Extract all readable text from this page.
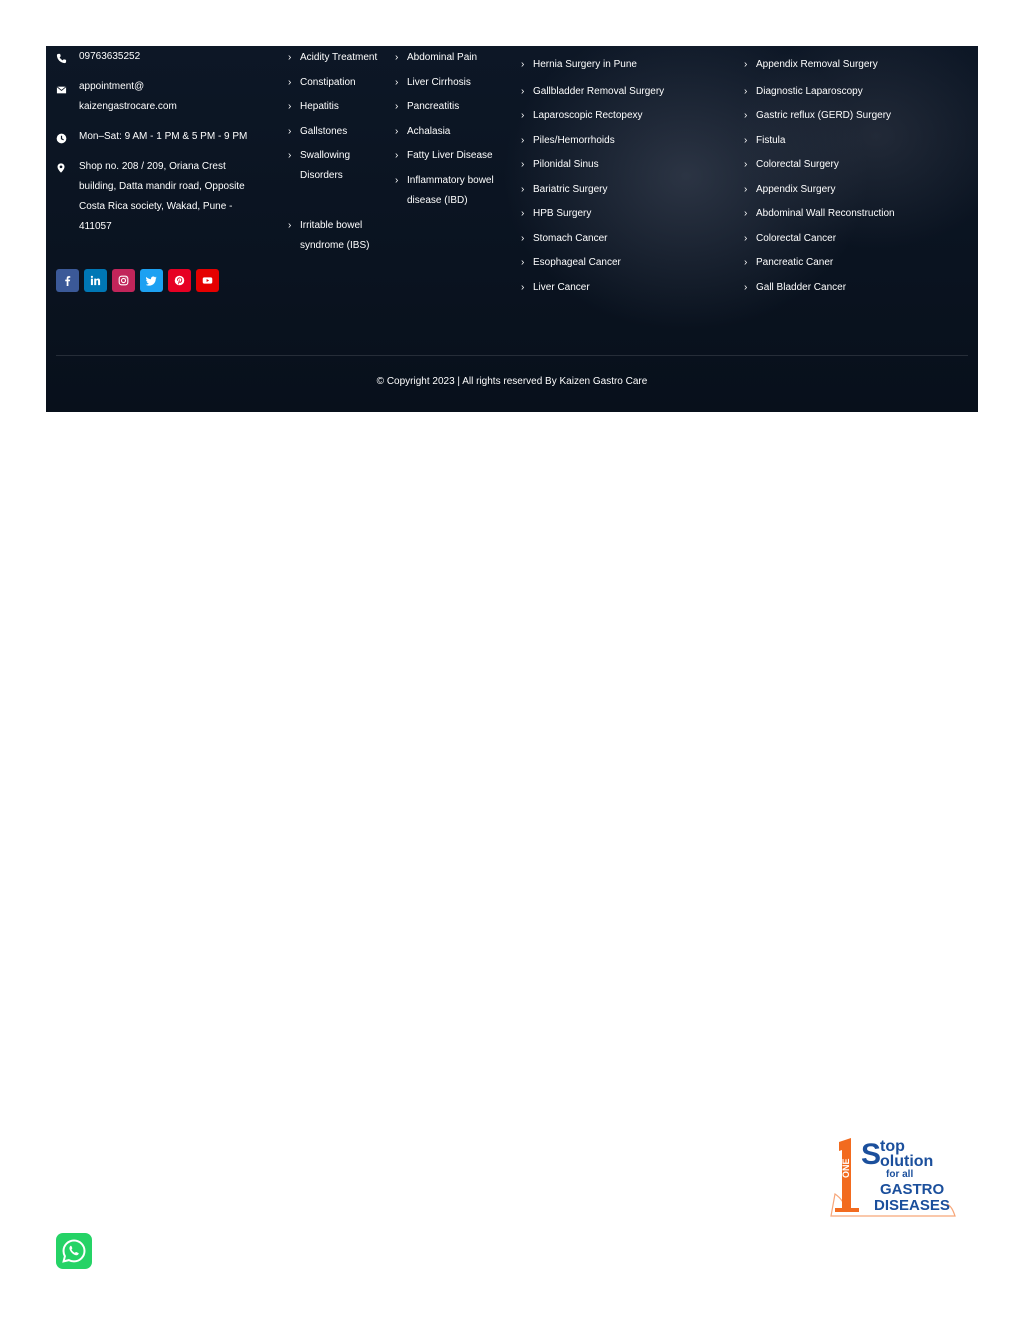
09763635252
appointment@
kaizengastrocare.com
Mon–Sat: 9 AM - 1 PM & 5 PM - 9 PM
Shop no. 208 / 209, Oriana Crest
building, Datta mandir road, Opposite
Costa Rica society, Wakad, Pune -
411057
› Acidity Treatment
› Constipation
› Hepatitis
› Gallstones
› Swallowing
Disorders
› Irritable bowel
syndrome (IBS)
› Abdominal Pain
› Liver Cirrhosis
› Pancreatitis
› Achalasia
› Fatty Liver Disease
› Inflammatory bowel
disease (IBD)
› Hernia Surgery in Pune
› Gallbladder Removal Surgery
› Laparoscopic Rectopexy
› Piles/Hemorrhoids
› Pilonidal Sinus
› Bariatric Surgery
› HPB Surgery
› Stomach Cancer
› Esophageal Cancer
› Liver Cancer
› Appendix Removal Surgery
› Diagnostic Laparoscopy
› Gastric reflux (GERD) Surgery
› Fistula
› Colorectal Surgery
› Appendix Surgery
› Abdominal Wall Reconstruction
› Colorectal Cancer
› Pancreatic Caner
› Gall Bladder Cancer
© Copyright 2023 | All rights reserved By Kaizen Gastro Care
ONE S
top
olution
for all
GASTRO
DISEASES
